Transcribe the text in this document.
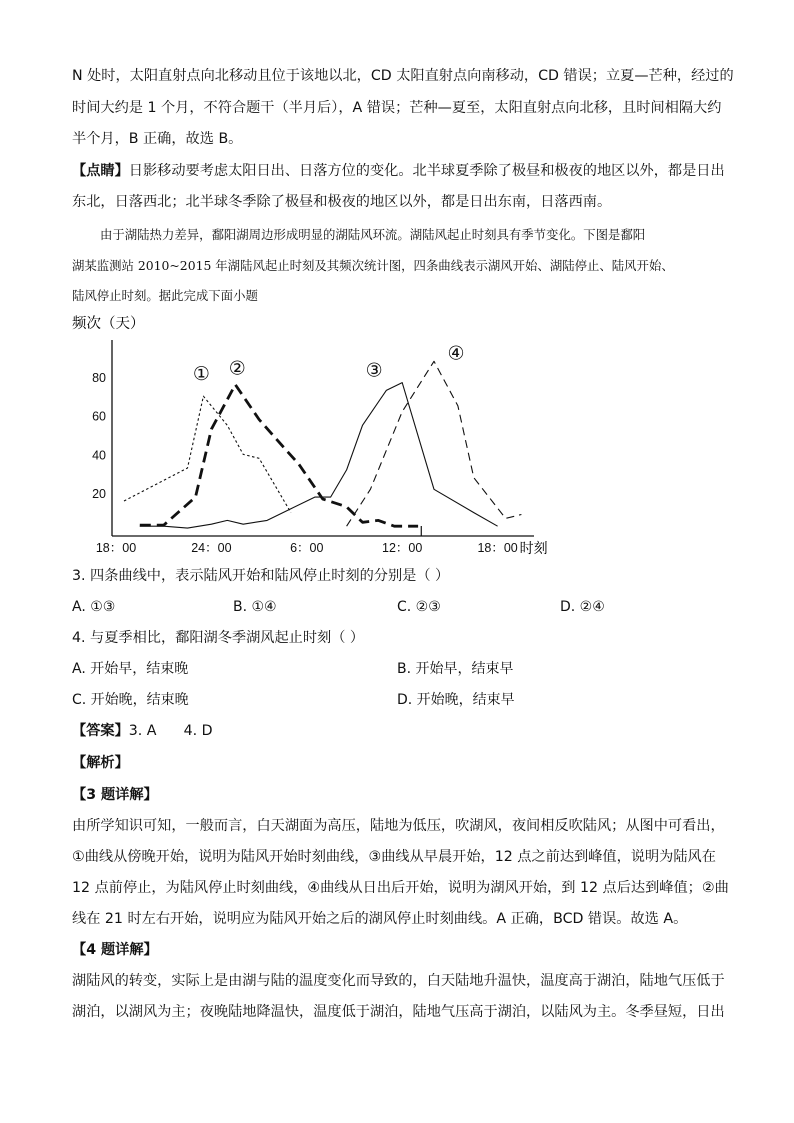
N 处时，太阳直射点向北移动且位于该地以北，CD 太阳直射点向南移动，CD 错误；立夏—芒种，经过的
时间大约是 1 个月，不符合题干（半月后），A 错误；芒种—夏至，太阳直射点向北移，且时间相隔大约
半个月，B 正确，故选 B。
【点睛】日影移动要考虑太阳日出、日落方位的变化。北半球夏季除了极昼和极夜的地区以外，都是日出
东北，日落西北；北半球冬季除了极昼和极夜的地区以外，都是日出东南，日落西南。
由于湖陆热力差异，鄱阳湖周边形成明显的湖陆风环流。湖陆风起止时刻具有季节变化。下图是鄱阳
湖某监测站 2010~2015 年湖陆风起止时刻及其频次统计图，四条曲线表示湖风开始、湖陆停止、陆风开始、
陆风停止时刻。据此完成下面小题
频次（天）
20
40
60
80
18：00	24：00	6：00	12：00	18：00
① ②	③
④
时刻
3. 四条曲线中，表示陆风开始和陆风停止时刻的分别是（ ）
A. ①③	B. ①④	C. ②③	D. ②④
4. 与夏季相比，鄱阳湖冬季湖风起止时刻（ ）
A. 开始早，结束晚	B. 开始早，结束早
C. 开始晚，结束晚	D. 开始晚，结束早
【答案】3. A      4. D
【解析】
【3 题详解】
由所学知识可知，一般而言，白天湖面为高压，陆地为低压，吹湖风，夜间相反吹陆风；从图中可看出，
①曲线从傍晚开始，说明为陆风开始时刻曲线，③曲线从早晨开始，12 点之前达到峰值，说明为陆风在
12 点前停止，为陆风停止时刻曲线，④曲线从日出后开始，说明为湖风开始，到 12 点后达到峰值；②曲
线在 21 时左右开始，说明应为陆风开始之后的湖风停止时刻曲线。A 正确，BCD 错误。故选 A。
【4 题详解】
湖陆风的转变，实际上是由湖与陆的温度变化而导致的，白天陆地升温快，温度高于湖泊，陆地气压低于
湖泊，以湖风为主；夜晚陆地降温快，温度低于湖泊，陆地气压高于湖泊，以陆风为主。冬季昼短，日出
